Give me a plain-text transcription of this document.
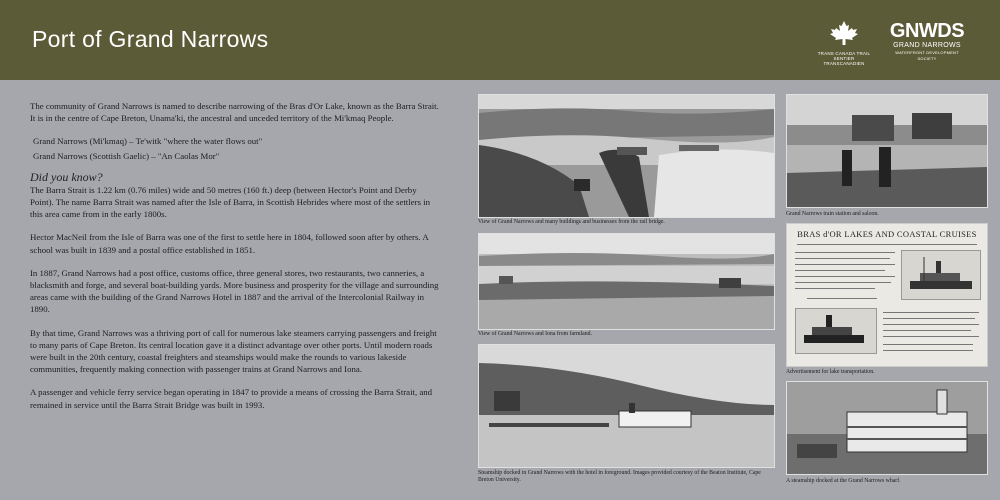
Port of Grand Narrows
TRANS CANADA TRAIL
SENTIER TRANSCANADIEN
GNWDS
GRAND NARROWS
WATERFRONT DEVELOPMENT SOCIETY

The community of Grand Narrows is named to describe narrowing of the Bras d'Or Lake, known as the Barra Strait. It is in the centre of Cape Breton, Unama'ki, the ancestral and unceded territory of the Mi'kmaq People.

Grand Narrows (Mi'kmaq) – Te'witk "where the water flows out"
Grand Narrows (Scottish Gaelic) – "An Caolas Mor"
Did you know?

The Barra Strait is 1.22 km (0.76 miles) wide and 50 metres (160 ft.) deep (between Hector's Point and Derby Point). The name Barra Strait was named after the Isle of Barra, in Scottish Hebrides where most of the settlers in this area came from in the early 1800s.

Hector MacNeil from the Isle of Barra was one of the first to settle here in 1804, followed soon after by others. A school was built in 1839 and a postal office established in 1851.

In 1887, Grand Narrows had a post office, customs office, three general stores, two restaurants, two canneries, a blacksmith and forge, and several boat-building yards. More business and prosperity for the village and surrounding areas came with the building of the Grand Narrows Hotel in 1887 and the arrival of the Intercolonial Railway in 1890.

By that time, Grand Narrows was a thriving port of call for numerous lake steamers carrying passengers and freight to many parts of Cape Breton. Its central location gave it a distinct advantage over other ports. Until modern roads were built in the 20th century, coastal freighters and steamships would make the rounds to various lakeside communities, frequently making connection with passenger trains at Grand Narrows and Iona.

A passenger and vehicle ferry service began operating in 1847 to provide a means of crossing the Barra Strait, and remained in service until the Barra Strait Bridge was built in 1993.

View of Grand Narrows and many buildings and businesses from the rail bridge.
View of Grand Narrows and Iona from farmland.
Steamship docked in Grand Narrows with the hotel in foreground. Images provided courtesy of the Beaton Institute, Cape Breton University.
Grand Narrows train station and saloon.
BRAS d'OR LAKES AND COASTAL CRUISES
Advertisement for lake transportation.
A steamship docked at the Grand Narrows wharf.
